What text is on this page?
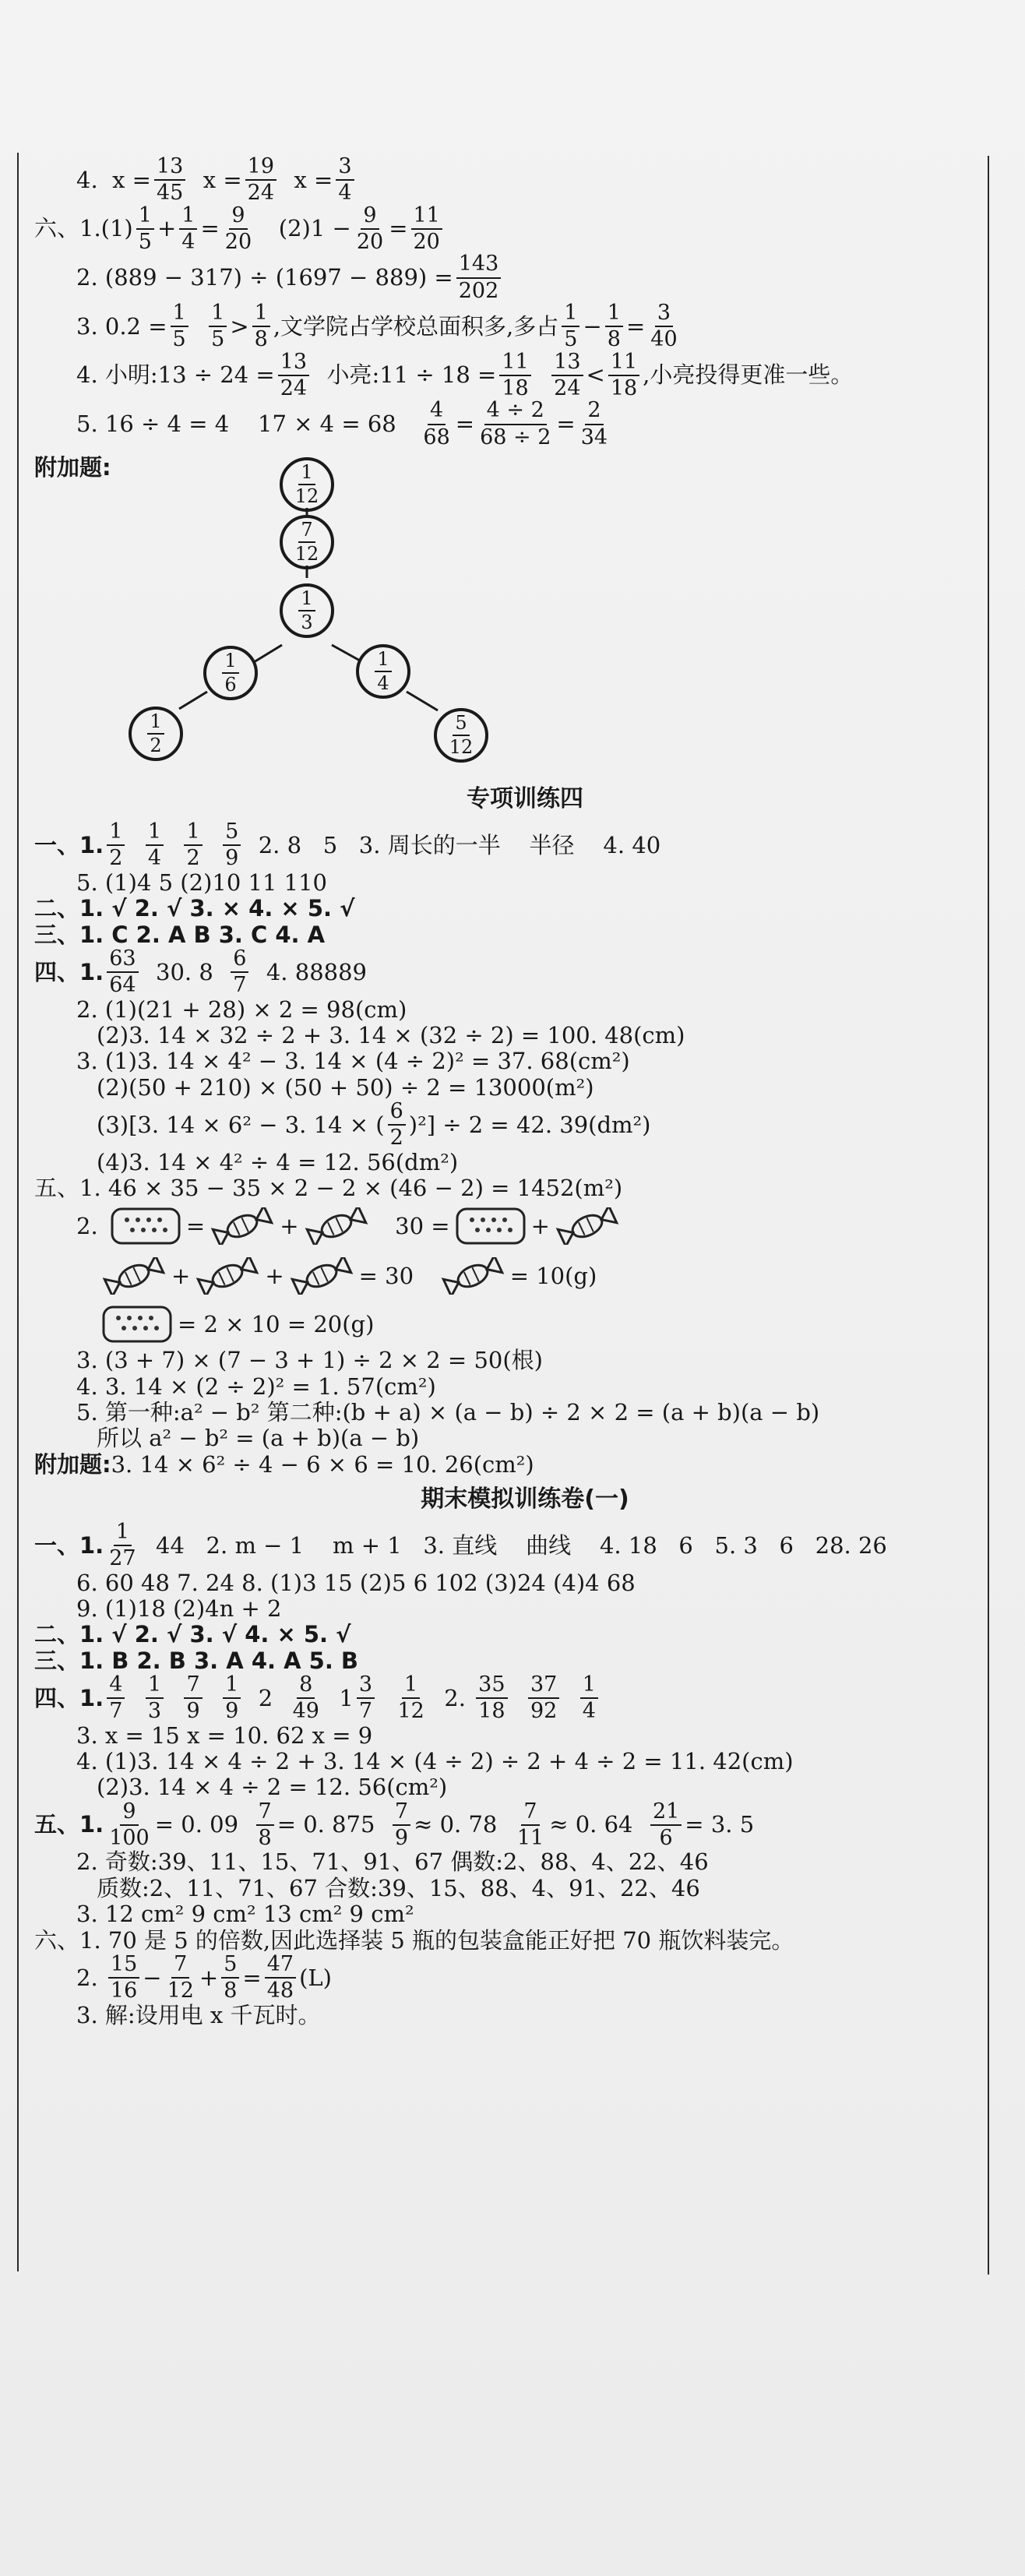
4.
$x = \frac{13}{45}$
$x = \frac{19}{24}$
$x = \frac{3}{4}$
六、1. $(1) \frac{1}{5} + \frac{1}{4} = \frac{9}{20}$
$(2)1 - \frac{9}{20} = \frac{11}{20}$
2.
$(889 - 317) \div (1697 - 889) = \frac{143}{202}$
3.
$0.2 = \frac{1}{5}$
$\frac{1}{5} > \frac{1}{8}$ ,文学院占学校总面积多,多占 $\frac{1}{5} - \frac{1}{8} = \frac{3}{40}$
4.
小明:13 ÷ $24 = \frac{13}{24}$
小亮:11 ÷ $18 = \frac{11}{18}$
$\frac{13}{24} < \frac{11}{18}$ ,小亮投得更准一些。
5.
16 ÷ 4 = 4    17 × 4 = 68
$\frac{4}{68} = \frac{4 \div 2}{68 \div 2} = \frac{2}{34}$
附加题:	$\frac{1}{12}$
$\frac{7}{12}$
$\frac{1}{3}$
$\frac{1}{6}$	$\frac{1}{4}$
$\frac{1}{2}$	$\frac{5}{12}$
专项训练四
一、1. $\frac{1}{2}$
$\frac{1}{4}$
$\frac{1}{2}$
$\frac{5}{9}$
2. 8   5   3. 周长的一半    半径    4. 40
5. (1)4 5 (2)10 11 110
二、1. √ 2. √ 3. × 4. × 5. √
三、1. C 2. A B 3. C 4. A
四、1. $\frac{63}{64}$
30. 8
$\frac{6}{7}$
4. 88889
2. (1)(21 + 28) × 2 = 98(cm)
(2)3. 14 × 32 ÷ 2 + 3. 14 × (32 ÷ 2) = 100. 48(cm)
3. (1)3. 14 × 4² − 3. 14 × (4 ÷ 2)² = 37. 68(cm²)
(2)(50 + 210) × (50 + 50) ÷ 2 = 13000(m²)
(3)[3. 14 × 6² − 3. 14 × ( $\frac{6}{2} )^2] \div 2 = 42$. 39(dm²)
(4)3. 14 × 4² ÷ 4 = 12. 56(dm²)
五、1. 46 × 35 − 35 × 2 − 2 × (46 − 2) = 1452(m²)
2.
	=	+
	30 =	+
+	+	= 30
	= 10(g)
= 2 × 10 = 20(g)
3. (3 + 7) × (7 − 3 + 1) ÷ 2 × 2 = 50(根)
4. 3. 14 × (2 ÷ 2)² = 1. 57(cm²)
5. 第一种:a² − b² 第二种:(b + a) × (a − b) ÷ 2 × 2 = (a + b)(a − b)
所以 a² − b² = (a + b)(a − b)
附加题: 3. 14 × 6² ÷ 4 − 6 × 6 = 10. 26(cm²)
期末模拟训练卷(一)
一、1. $\frac{1}{27}$
44   2. m − 1    m + 1   3. 直线    曲线    4. 18   6   5. 3   6   28. 26
6. 60 48 7. 24 8. (1)3 15 (2)5 6 102 (3)24 (4)4 68
9. (1)18 (2)4n + 2
二、1. √ 2. √ 3. √ 4. × 5. √
三、1. B 2. B 3. A 4. A 5. B
四、1. $\frac{4}{7}$
$\frac{1}{3}$
$\frac{7}{9}$
$\frac{1}{9}$
2
$\frac{8}{49}$
$1 \frac{3}{7}$
$\frac{1}{12}$
2.
$\frac{35}{18}$
$\frac{37}{92}$
$\frac{1}{4}$
3. x = 15 x = 10. 62 x = 9
4. (1)3. 14 × 4 ÷ 2 + 3. 14 × (4 ÷ 2) ÷ 2 + 4 ÷ 2 = 11. 42(cm)
(2)3. 14 × 4 ÷ 2 = 12. 56(cm²)
五、1. $\frac{9}{100} = 0$. 09
$\frac{7}{8} = 0$. 875
$\frac{7}{9} \approx 0$. 78
$\frac{7}{11} \approx 0$. 64
$\frac{21}{6} = 3$. 5
2. 奇数:39、11、15、71、91、67 偶数:2、88、4、22、46
质数:2、11、71、67 合数:39、15、88、4、91、22、46
3. 12 cm² 9 cm² 13 cm² 9 cm²
六、1. 70 是 5 的倍数,因此选择装 5 瓶的包装盒能正好把 70 瓶饮料装完。
2.
$\frac{15}{16} - \frac{7}{12} + \frac{5}{8} = \frac{47}{48} (L)$
3. 解:设用电 x 千瓦时。
